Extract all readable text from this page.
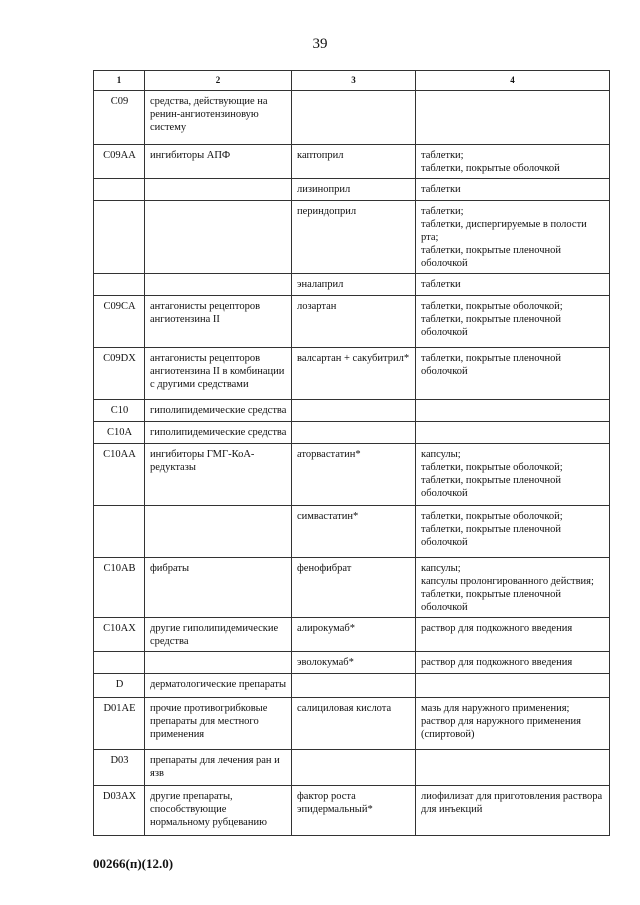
39
1	2	3	4
C09	средства, действующие на ренин-ангиотензиновую систему		
C09AA	ингибиторы АПФ	каптоприл	таблетки;
таблетки, покрытые оболочкой
		лизиноприл	таблетки
		периндоприл	таблетки;
таблетки, диспергируемые в полости рта;
таблетки, покрытые пленочной оболочкой
		эналаприл	таблетки
C09CA	антагонисты рецепторов ангиотензина II	лозартан	таблетки, покрытые оболочкой;
таблетки, покрытые пленочной оболочкой
C09DX	антагонисты рецепторов ангиотензина II в комбинации с другими средствами	валсартан + сакубитрил*	таблетки, покрытые пленочной оболочкой
C10	гиполипидемические средства		
C10A	гиполипидемические средства		
C10AA	ингибиторы ГМГ-КоА-редуктазы	аторвастатин*	капсулы;
таблетки, покрытые оболочкой;
таблетки, покрытые пленочной оболочкой
		симвастатин*	таблетки, покрытые оболочкой;
таблетки, покрытые пленочной оболочкой
C10AB	фибраты	фенофибрат	капсулы;
капсулы пролонгированного действия;
таблетки, покрытые пленочной оболочкой
C10AX	другие гиполипидемические средства	алирокумаб*	раствор для подкожного введения
		эволокумаб*	раствор для подкожного введения
D	дерматологические препараты		
D01AE	прочие противогрибковые препараты для местного применения	салициловая кислота	мазь для наружного применения;
раствор для наружного применения (спиртовой)
D03	препараты для лечения ран и язв		
D03AX	другие препараты, способствующие нормальному рубцеванию	фактор роста эпидермальный*	лиофилизат для приготовления раствора для инъекций
00266(п)(12.0)
